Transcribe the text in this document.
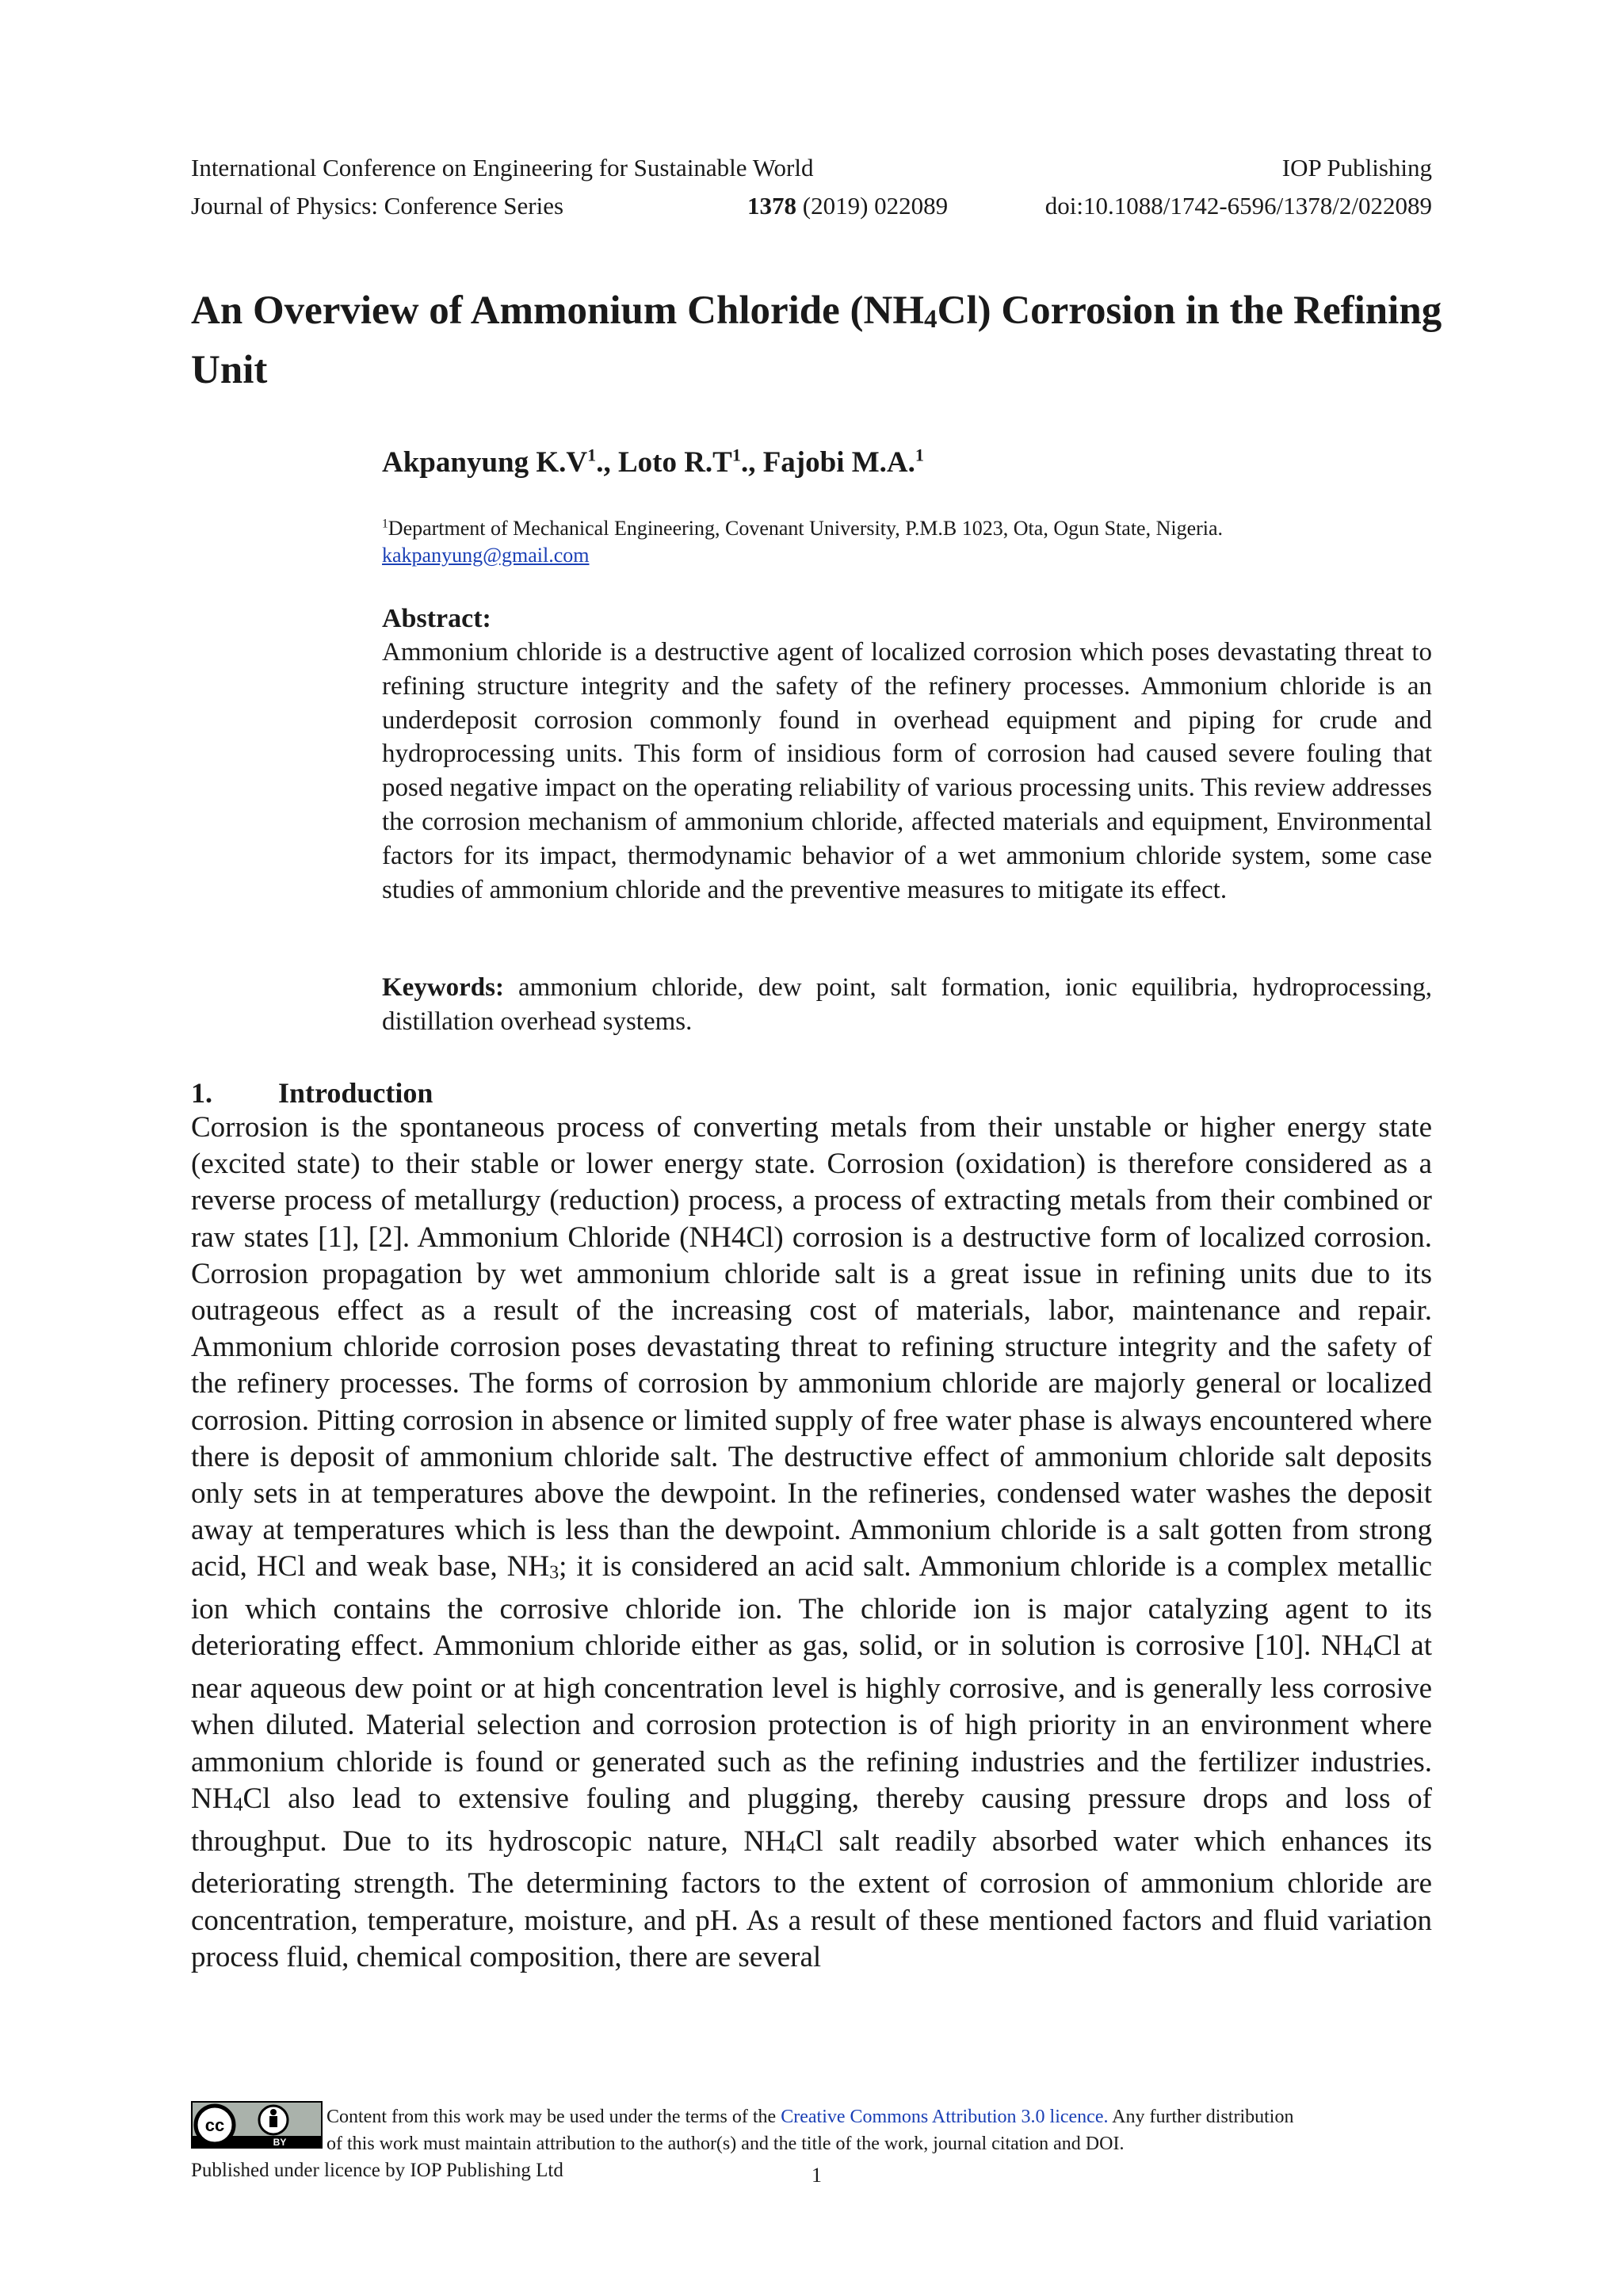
International Conference on Engineering for Sustainable World	IOP Publishing
Journal of Physics: Conference Series	1378 (2019) 022089	doi:10.1088/1742-6596/1378/2/022089
An Overview of Ammonium Chloride $(NH_4Cl)$ Corrosion in the Refining Unit
Akpanyung $K.V^1$., Loto $R.T^1$., Fajobi M.A.$^1$
$^1$Department of Mechanical Engineering, Covenant University, P.M.B 1023, Ota, Ogun State, Nigeria.
kakpanyung@gmail.com
Abstract:

Ammonium chloride is a destructive agent of localized corrosion which poses devastating threat to refining structure integrity and the safety of the refinery processes. Ammonium chloride is an underdeposit corrosion commonly found in overhead equipment and piping for crude and hydroprocessing units. This form of insidious form of corrosion had caused severe fouling that posed negative impact on the operating reliability of various processing units. This review addresses the corrosion mechanism of ammonium chloride, affected materials and equipment, Environmental factors for its impact, thermodynamic behavior of a wet ammonium chloride system, some case studies of ammonium chloride and the preventive measures to mitigate its effect.

Keywords: ammonium chloride, dew point, salt formation, ionic equilibria, hydroprocessing, distillation overhead systems.

1. Introduction

Corrosion is the spontaneous process of converting metals from their unstable or higher energy state (excited state) to their stable or lower energy state. Corrosion (oxidation) is therefore considered as a reverse process of metallurgy (reduction) process, a process of extracting metals from their combined or raw states [1], [2]. Ammonium Chloride (NH4Cl) corrosion is a destructive form of localized corrosion. Corrosion propagation by wet ammonium chloride salt is a great issue in refining units due to its outrageous effect as a result of the increasing cost of materials, labor, maintenance and repair. Ammonium chloride corrosion poses devastating threat to refining structure integrity and the safety of the refinery processes. The forms of corrosion by ammonium chloride are majorly general or localized corrosion. Pitting corrosion in absence or limited supply of free water phase is always encountered where there is deposit of ammonium chloride salt. The destructive effect of ammonium chloride salt deposits only sets in at temperatures above the dewpoint. In the refineries, condensed water washes the deposit away at temperatures which is less than the dewpoint. Ammonium chloride is a salt gotten from strong acid, HCl and weak base, $NH_3$; it is considered an acid salt. Ammonium chloride is a complex metallic ion which contains the corrosive chloride ion. The chloride ion is major catalyzing agent to its deteriorating effect. Ammonium chloride either as gas, solid, or in solution is corrosive [10]. $NH_4Cl$ at near aqueous dew point or at high concentration level is highly corrosive, and is generally less corrosive when diluted. Material selection and corrosion protection is of high priority in an environment where ammonium chloride is found or generated such as the refining industries and the fertilizer industries. $NH_4Cl$ also lead to extensive fouling and plugging, thereby causing pressure drops and loss of throughput. Due to its hydroscopic nature, $NH_4Cl$ salt readily absorbed water which enhances its deteriorating strength. The determining factors to the extent of corrosion of ammonium chloride are concentration, temperature, moisture, and pH. As a result of these mentioned factors and fluid variation process fluid, chemical composition, there are several

cc
BY
Content from this work may be used under the terms of the Creative Commons Attribution 3.0 licence. Any further distribution
of this work must maintain attribution to the author(s) and the title of the work, journal citation and DOI.
Published under licence by IOP Publishing Ltd	1
